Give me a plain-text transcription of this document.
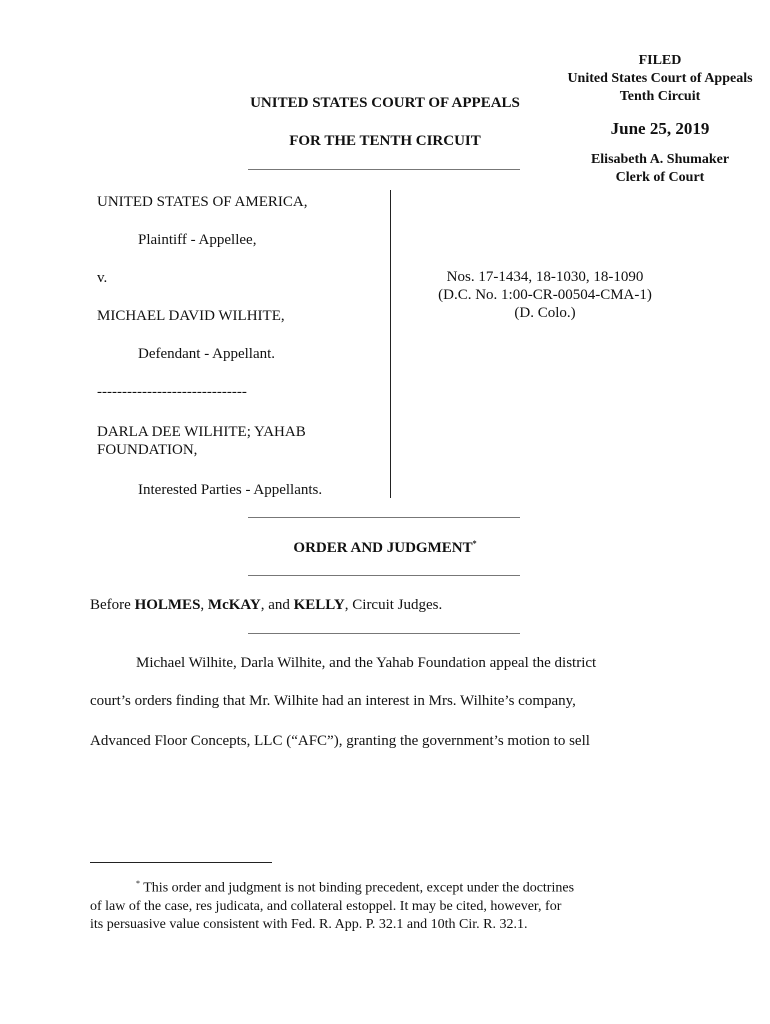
FILED
United States Court of Appeals
Tenth Circuit
June 25, 2019
Elisabeth A. Shumaker
Clerk of Court
UNITED STATES COURT OF APPEALS
FOR THE TENTH CIRCUIT
UNITED STATES OF AMERICA,
Plaintiff - Appellee,
v.
MICHAEL DAVID WILHITE,
Defendant - Appellant.
------------------------------
DARLA DEE WILHITE; YAHAB
FOUNDATION,
Interested Parties - Appellants.
Nos. 17-1434, 18-1030, 18-1090
(D.C. No. 1:00-CR-00504-CMA-1)
(D. Colo.)
ORDER AND JUDGMENT*
Before HOLMES, McKAY, and KELLY, Circuit Judges.
Michael Wilhite, Darla Wilhite, and the Yahab Foundation appeal the district
court’s orders finding that Mr. Wilhite had an interest in Mrs. Wilhite’s company,
Advanced Floor Concepts, LLC (“AFC”), granting the government’s motion to sell
* This order and judgment is not binding precedent, except under the doctrines
of law of the case, res judicata, and collateral estoppel. It may be cited, however, for
its persuasive value consistent with Fed. R. App. P. 32.1 and 10th Cir. R. 32.1.
